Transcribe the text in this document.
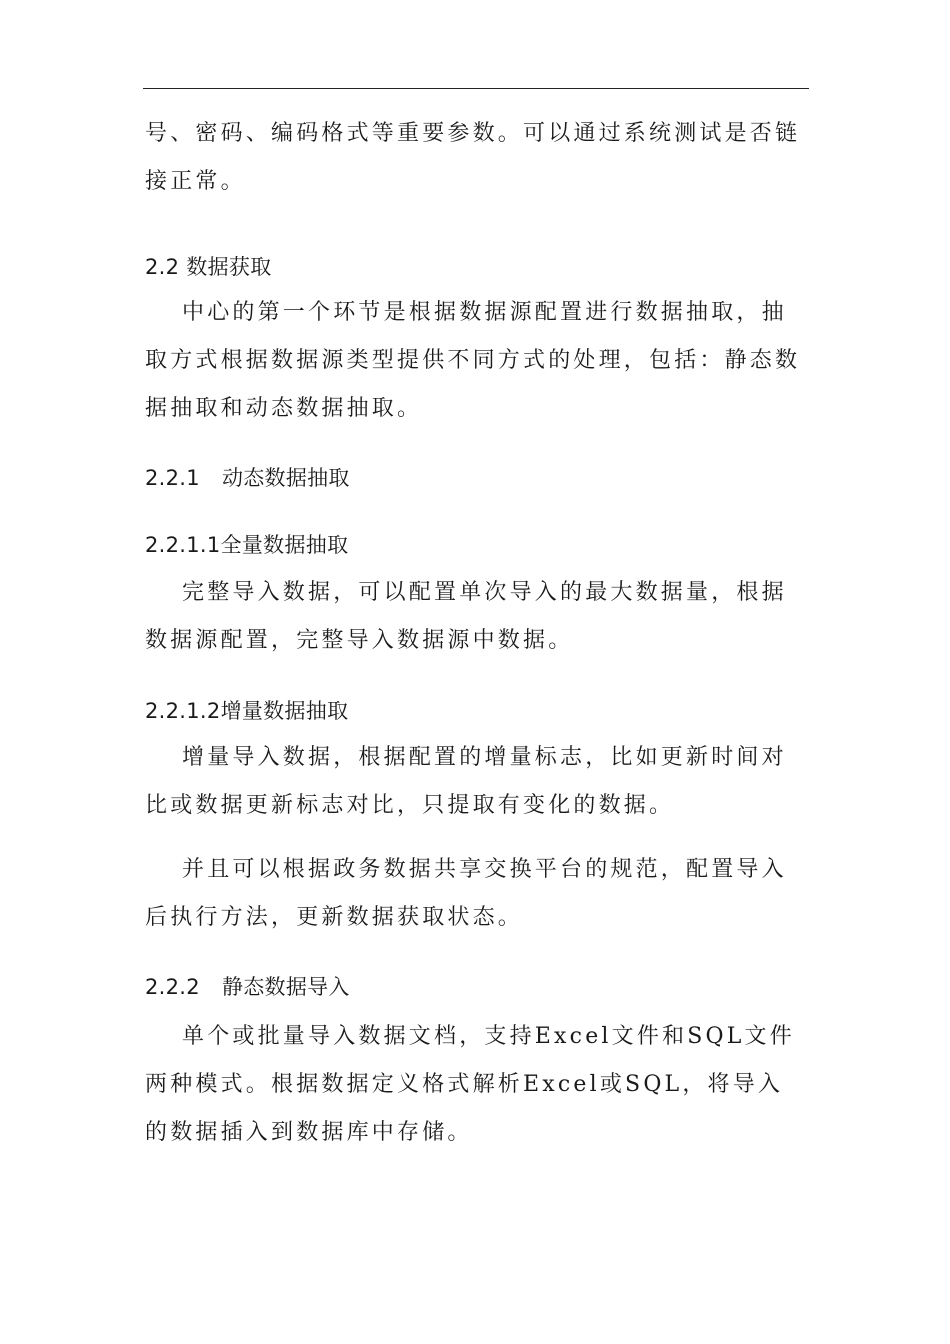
号、密码、编码格式等重要参数。可以通过系统测试是否链接正常。

2.2 数据获取

中心的第一个环节是根据数据源配置进行数据抽取，抽取方式根据数据源类型提供不同方式的处理，包括：静态数据抽取和动态数据抽取。

2.2.1 动态数据抽取
2.2.1.1全量数据抽取

完整导入数据，可以配置单次导入的最大数据量，根据数据源配置，完整导入数据源中数据。

2.2.1.2增量数据抽取

增量导入数据，根据配置的增量标志，比如更新时间对比或数据更新标志对比，只提取有变化的数据。

并且可以根据政务数据共享交换平台的规范，配置导入后执行方法，更新数据获取状态。

2.2.2 静态数据导入

单个或批量导入数据文档，支持Excel文件和SQL文件两种模式。根据数据定义格式解析Excel或SQL，将导入的数据插入到数据库中存储。
